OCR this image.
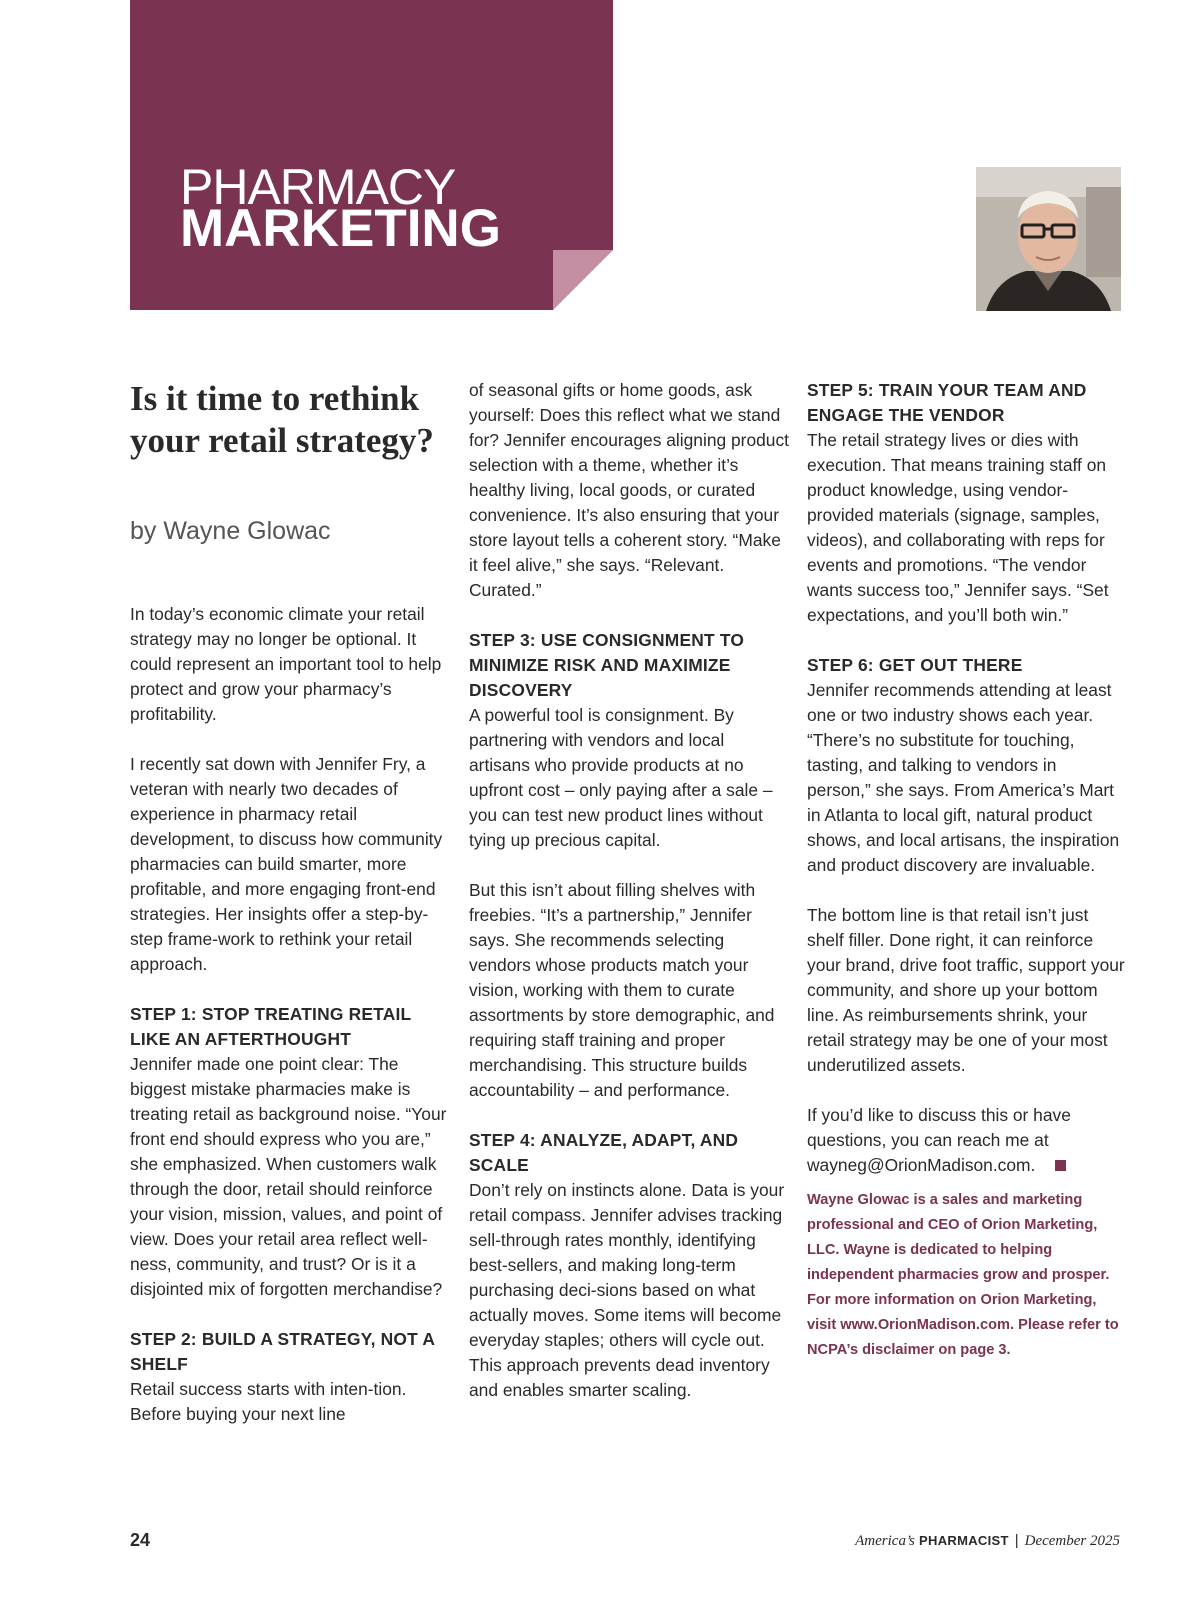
PHARMACY
MARKETING
Is it time to rethink your retail strategy?
by Wayne Glowac

In today’s economic climate your retail strategy may no longer be optional. It could represent an important tool to help protect and grow your pharmacy’s profitability.

I recently sat down with Jennifer Fry, a veteran with nearly two decades of experience in pharmacy retail development, to discuss how community pharmacies can build smarter, more profitable, and more engaging front-end strategies. Her insights offer a step-by-step frame-work to rethink your retail approach.

STEP 1: STOP TREATING RETAIL LIKE AN AFTERTHOUGHT

Jennifer made one point clear: The biggest mistake pharmacies make is treating retail as background noise. “Your front end should express who you are,” she emphasized. When customers walk through the door, retail should reinforce your vision, mission, values, and point of view. Does your retail area reflect well-ness, community, and trust? Or is it a disjointed mix of forgotten merchandise?

STEP 2: BUILD A STRATEGY, NOT A SHELF

Retail success starts with inten-tion. Before buying your next line

of seasonal gifts or home goods, ask yourself: Does this reflect what we stand for? Jennifer encourages aligning product selection with a theme, whether it’s healthy living, local goods, or curated convenience. It’s also ensuring that your store layout tells a coherent story. “Make it feel alive,” she says. “Relevant. Curated.”

STEP 3: USE CONSIGNMENT TO MINIMIZE RISK AND MAXIMIZE DISCOVERY

A powerful tool is consignment. By partnering with vendors and local artisans who provide products at no upfront cost – only paying after a sale – you can test new product lines without tying up precious capital.

But this isn’t about filling shelves with freebies. “It’s a partnership,” Jennifer says. She recommends selecting vendors whose products match your vision, working with them to curate assortments by store demographic, and requiring staff training and proper merchandising. This structure builds accountability – and performance.

STEP 4: ANALYZE, ADAPT, AND SCALE

Don’t rely on instincts alone. Data is your retail compass. Jennifer advises tracking sell-through rates monthly, identifying best-sellers, and making long-term purchasing deci-sions based on what actually moves. Some items will become everyday staples; others will cycle out. This approach prevents dead inventory and enables smarter scaling.

STEP 5: TRAIN YOUR TEAM AND ENGAGE THE VENDOR

The retail strategy lives or dies with execution. That means training staff on product knowledge, using vendor-provided materials (signage, samples, videos), and collaborating with reps for events and promotions. “The vendor wants success too,” Jennifer says. “Set expectations, and you’ll both win.”

STEP 6: GET OUT THERE

Jennifer recommends attending at least one or two industry shows each year. “There’s no substitute for touching, tasting, and talking to vendors in person,” she says. From America’s Mart in Atlanta to local gift, natural product shows, and local artisans, the inspiration and product discovery are invaluable.

The bottom line is that retail isn’t just shelf filler. Done right, it can reinforce your brand, drive foot traffic, support your community, and shore up your bottom line. As reimbursements shrink, your retail strategy may be one of your most underutilized assets.

If you’d like to discuss this or have questions, you can reach me at wayneg@OrionMadison.com.

Wayne Glowac is a sales and marketing professional and CEO of Orion Marketing, LLC. Wayne is dedicated to helping independent pharmacies grow and prosper. For more information on Orion Marketing, visit www.OrionMadison.com. Please refer to NCPA’s disclaimer on page 3.
24	America’s PHARMACIST | December 2025
